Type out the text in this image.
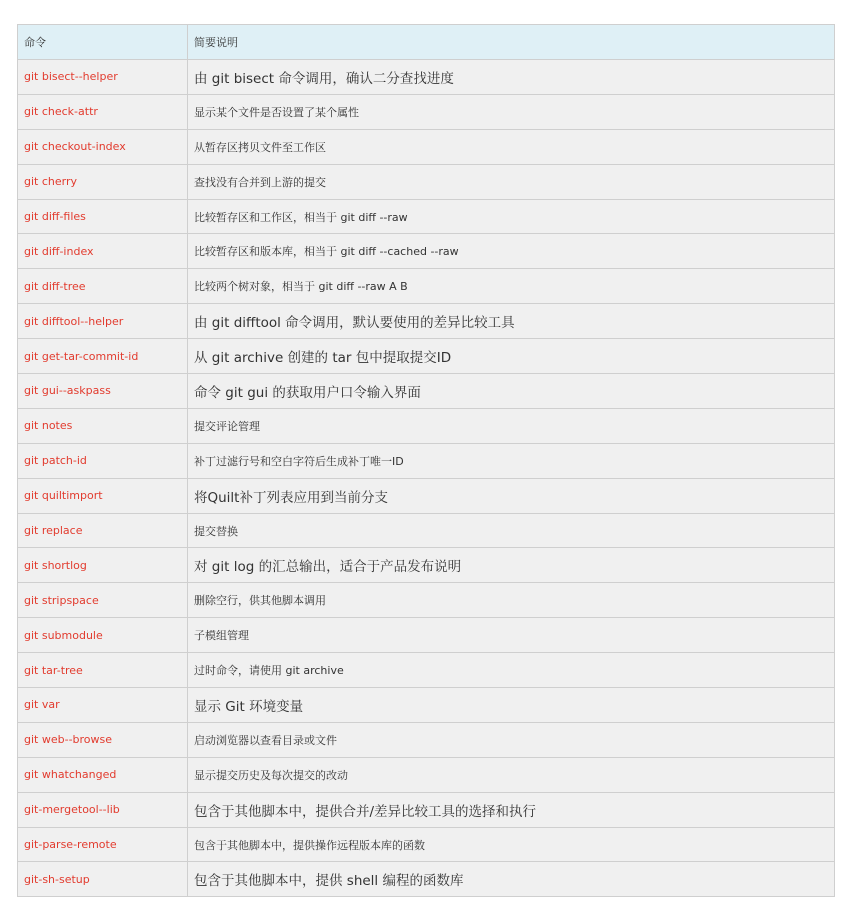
命令	简要说明
git bisect--helper	由 git bisect 命令调用，确认二分查找进度
git check-attr	显示某个文件是否设置了某个属性
git checkout-index	从暂存区拷贝文件至工作区
git cherry	查找没有合并到上游的提交
git diff-files	比较暂存区和工作区，相当于 git diff --raw
git diff-index	比较暂存区和版本库，相当于 git diff --cached --raw
git diff-tree	比较两个树对象，相当于 git diff --raw A B
git difftool--helper	由 git difftool 命令调用，默认要使用的差异比较工具
git get-tar-commit-id	从 git archive 创建的 tar 包中提取提交ID
git gui--askpass	命令 git gui 的获取用户口令输入界面
git notes	提交评论管理
git patch-id	补丁过滤行号和空白字符后生成补丁唯一ID
git quiltimport	将Quilt补丁列表应用到当前分支
git replace	提交替换
git shortlog	对 git log 的汇总输出，适合于产品发布说明
git stripspace	删除空行，供其他脚本调用
git submodule	子模组管理
git tar-tree	过时命令，请使用 git archive
git var	显示 Git 环境变量
git web--browse	启动浏览器以查看目录或文件
git whatchanged	显示提交历史及每次提交的改动
git-mergetool--lib	包含于其他脚本中，提供合并/差异比较工具的选择和执行
git-parse-remote	包含于其他脚本中，提供操作远程版本库的函数
git-sh-setup	包含于其他脚本中，提供 shell 编程的函数库
